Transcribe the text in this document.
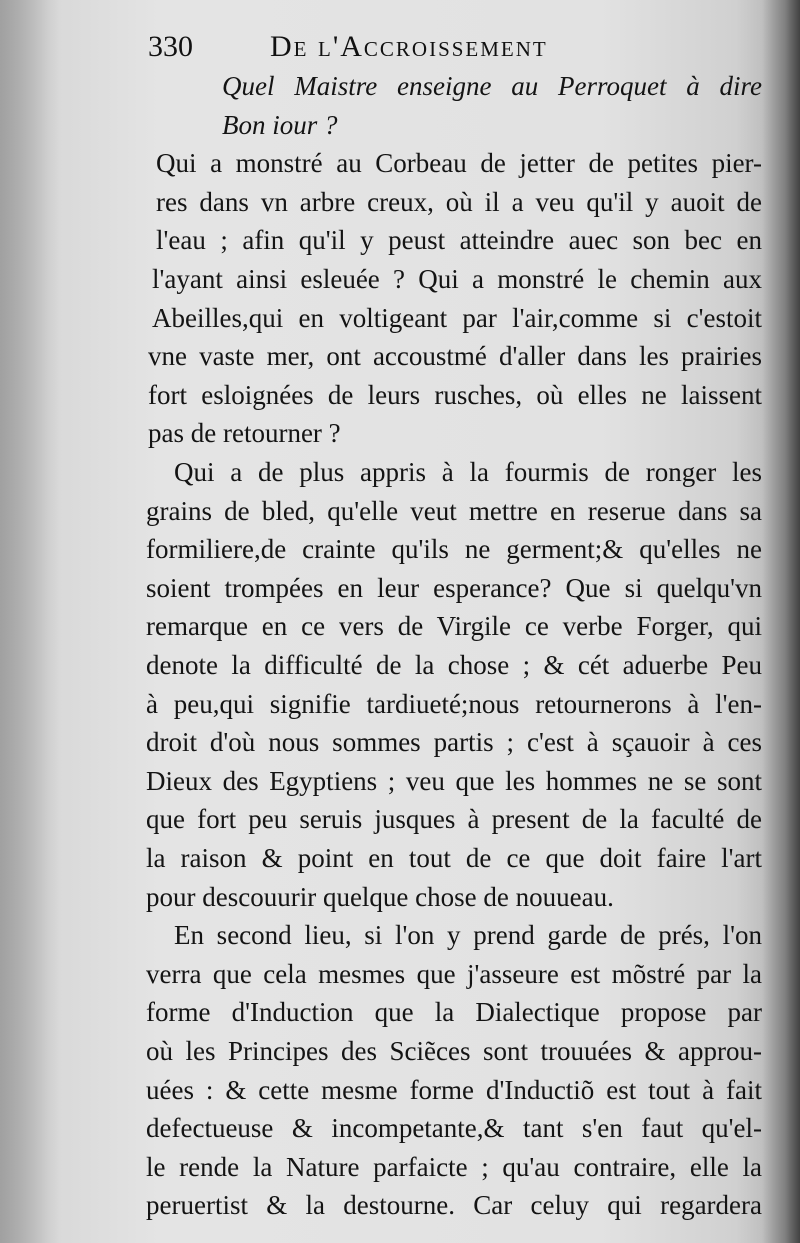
330	De l'Accroissement
Quel Maistre enseigne au Perroquet à dire
Bon iour ?
Qui a monstré au Corbeau de jetter de petites pier-
res dans vn arbre creux, où il a veu qu'il y auoit de
l'eau ; afin qu'il y peust atteindre auec son bec en
l'ayant ainsi esleuée ? Qui a monstré le chemin aux
Abeilles,qui en voltigeant par l'air,comme si c'estoit
vne vaste mer, ont accoustmé d'aller dans les prairies
fort esloignées de leurs rusches, où elles ne laissent
pas de retourner ?
Qui a de plus appris à la fourmis de ronger les
grains de bled, qu'elle veut mettre en reserue dans sa
formiliere,de crainte qu'ils ne germent;& qu'elles ne
soient trompées en leur esperance? Que si quelqu'vn
remarque en ce vers de Virgile ce verbe Forger, qui
denote la difficulté de la chose ; & cét aduerbe Peu
à peu,qui signifie tardiueté;nous retournerons à l'en-
droit d'où nous sommes partis ; c'est à sçauoir à ces
Dieux des Egyptiens ; veu que les hommes ne se sont
que fort peu seruis jusques à present de la faculté de
la raison & point en tout de ce que doit faire l'art
pour descouurir quelque chose de nouueau.
En second lieu, si l'on y prend garde de prés, l'on
verra que cela mesmes que j'asseure est mõstré par la
forme d'Induction que la Dialectique propose par
où les Principes des Sciẽces sont trouuées & approu-
uées : & cette mesme forme d'Inductiõ est tout à fait
defectueuse & incompetante,& tant s'en faut qu'el-
le rende la Nature parfaicte ; qu'au contraire, elle la
peruertist & la destourne. Car celuy qui regardera
